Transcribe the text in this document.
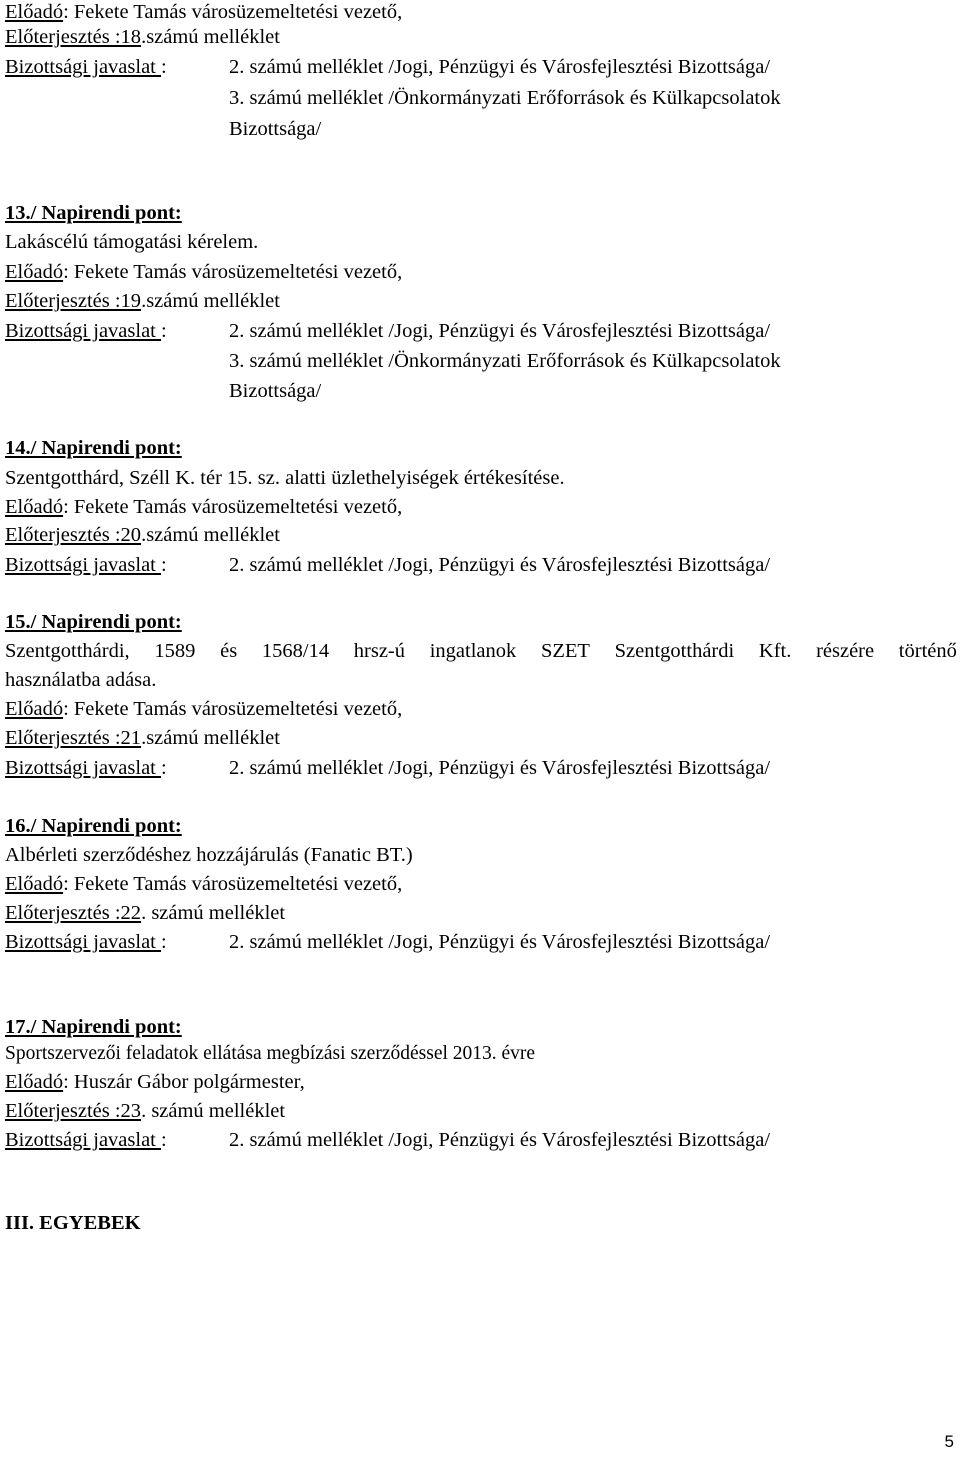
Előadó: Fekete Tamás városüzemeltetési vezető,
Előterjesztés :18.számú melléklet
Bizottsági javaslat :	2. számú melléklet /Jogi, Pénzügyi és Városfejlesztési Bizottsága/
3. számú melléklet /Önkormányzati Erőforrások és Külkapcsolatok
Bizottsága/
13./ Napirendi pont:
Lakáscélú támogatási kérelem.
Előadó: Fekete Tamás városüzemeltetési vezető,
Előterjesztés :19.számú melléklet
Bizottsági javaslat :	2. számú melléklet /Jogi, Pénzügyi és Városfejlesztési Bizottsága/
3. számú melléklet /Önkormányzati Erőforrások és Külkapcsolatok
Bizottsága/
14./ Napirendi pont:
Szentgotthárd, Széll K. tér 15. sz. alatti üzlethelyiségek értékesítése.
Előadó: Fekete Tamás városüzemeltetési vezető,
Előterjesztés :20.számú melléklet
Bizottsági javaslat :	2. számú melléklet /Jogi, Pénzügyi és Városfejlesztési Bizottsága/
15./ Napirendi pont:
Szentgotthárdi, 1589 és 1568/14 hrsz-ú ingatlanok SZET Szentgotthárdi Kft. részére történő
használatba adása.
Előadó: Fekete Tamás városüzemeltetési vezető,
Előterjesztés :21.számú melléklet
Bizottsági javaslat :	2. számú melléklet /Jogi, Pénzügyi és Városfejlesztési Bizottsága/
16./ Napirendi pont:
Albérleti szerződéshez hozzájárulás (Fanatic BT.)
Előadó: Fekete Tamás városüzemeltetési vezető,
Előterjesztés :22. számú melléklet
Bizottsági javaslat :	2. számú melléklet /Jogi, Pénzügyi és Városfejlesztési Bizottsága/
17./ Napirendi pont:
Sportszervezői feladatok ellátása megbízási szerződéssel 2013. évre
Előadó: Huszár Gábor polgármester,
Előterjesztés :23. számú melléklet
Bizottsági javaslat :	2. számú melléklet /Jogi, Pénzügyi és Városfejlesztési Bizottsága/
III. EGYEBEK
5
